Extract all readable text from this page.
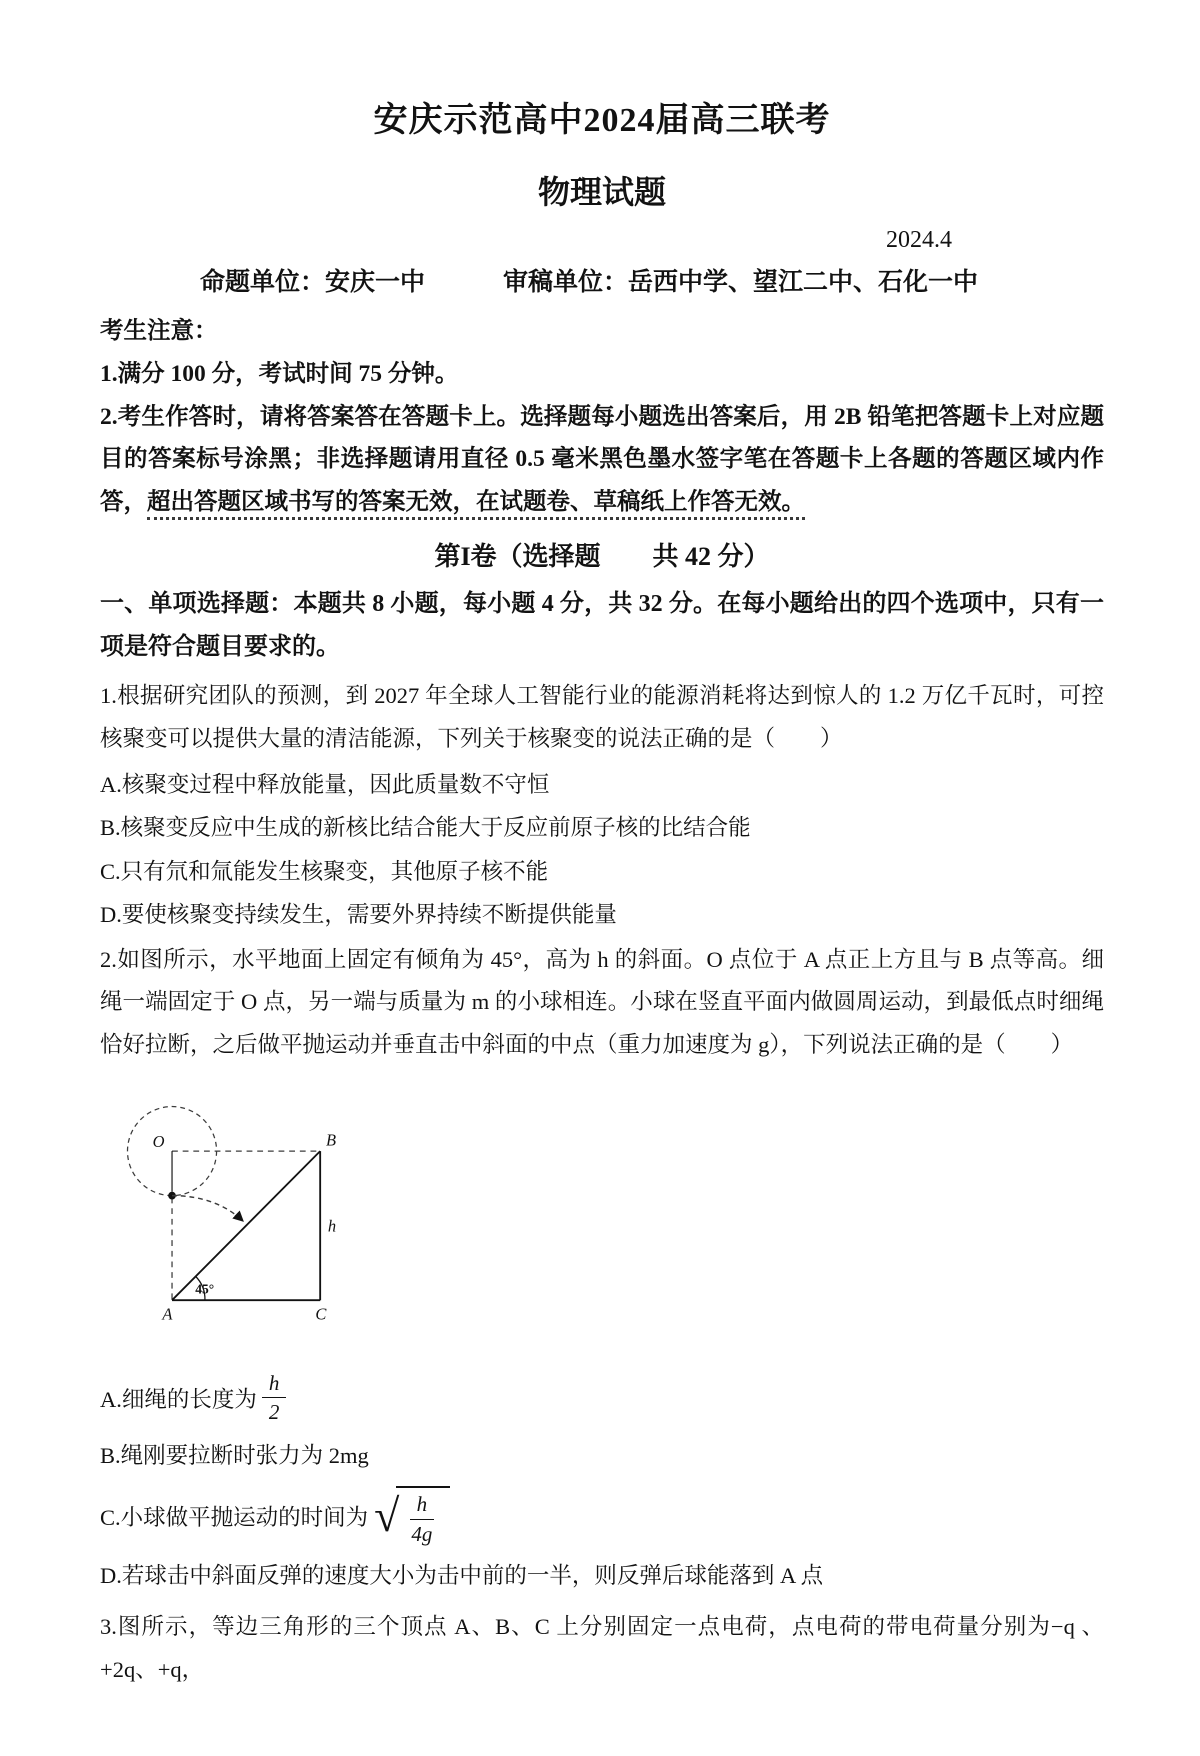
安庆示范高中2024届高三联考
物理试题
2024.4
命题单位：安庆一中	审稿单位：岳西中学、望江二中、石化一中

考生注意：

1.满分 100 分，考试时间 75 分钟。

2.考生作答时，请将答案答在答题卡上。选择题每小题选出答案后，用 2B 铅笔把答题卡上对应题目的答案标号涂黑；非选择题请用直径 0.5 毫米黑色墨水签字笔在答题卡上各题的答题区域内作答，超出答题区域书写的答案无效，在试题卷、草稿纸上作答无效。

第I卷（选择题　　共 42 分）

一、单项选择题：本题共 8 小题，每小题 4 分，共 32 分。在每小题给出的四个选项中，只有一项是符合题目要求的。

1.根据研究团队的预测，到 2027 年全球人工智能行业的能源消耗将达到惊人的 1.2 万亿千瓦时，可控核聚变可以提供大量的清洁能源，下列关于核聚变的说法正确的是（　　）

A.核聚变过程中释放能量，因此质量数不守恒

B.核聚变反应中生成的新核比结合能大于反应前原子核的比结合能

C.只有氘和氚能发生核聚变，其他原子核不能

D.要使核聚变持续发生，需要外界持续不断提供能量

2.如图所示，水平地面上固定有倾角为 45°，高为 h 的斜面。O 点位于 A 点正上方且与 B 点等高。细绳一端固定于 O 点，另一端与质量为 m 的小球相连。小球在竖直平面内做圆周运动，到最低点时细绳恰好拉断，之后做平抛运动并垂直击中斜面的中点（重力加速度为 g），下列说法正确的是（　　）

45°
O	B
A	C
h
A.细绳的长度为 $\frac{h}{2}$

B.绳刚要拉断时张力为 2mg

C.小球做平抛运动的时间为 √ $\frac{h}{4g}$

D.若球击中斜面反弹的速度大小为击中前的一半，则反弹后球能落到 A 点

3.图所示，等边三角形的三个顶点 A、B、C 上分别固定一点电荷，点电荷的带电荷量分别为−q 、+2q、+q，
